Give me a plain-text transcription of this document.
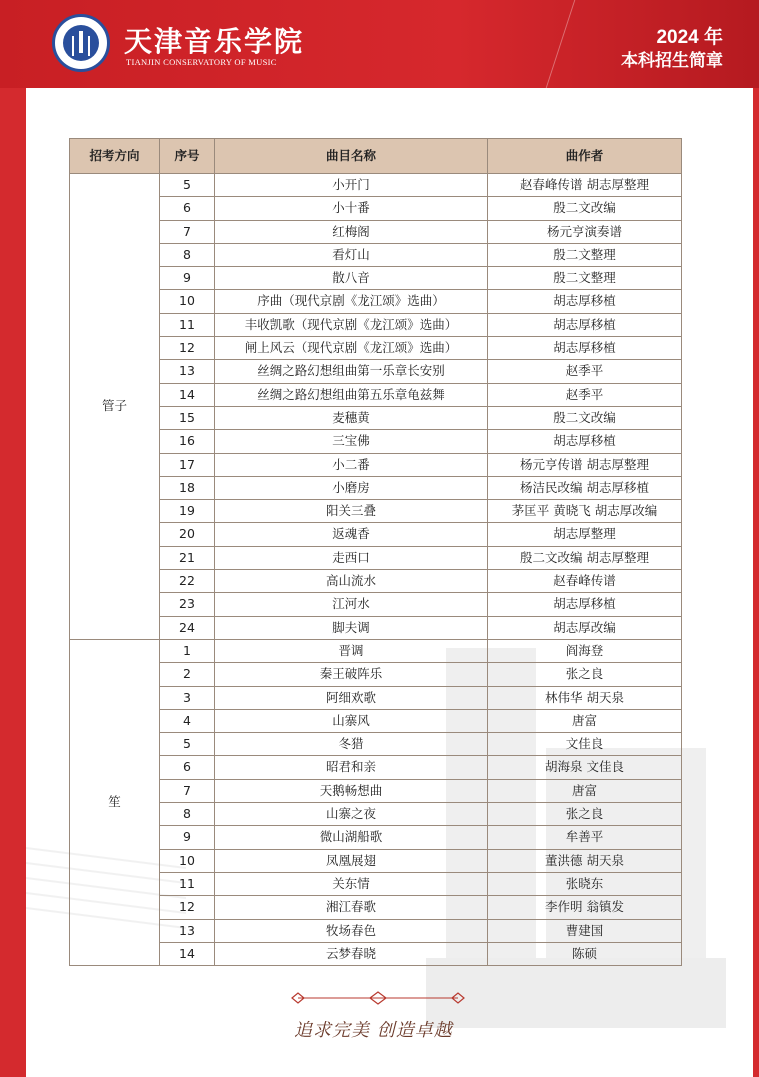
天津音乐学院
TIANJIN CONSERVATORY OF MUSIC
2024 年
本科招生简章
招考方向	序号	曲目名称	曲作者
管子	5	小开门	赵春峰传谱 胡志厚整理
	6	小十番	殷二文改编
	7	红梅阁	杨元亨演奏谱
	8	看灯山	殷二文整理
	9	散八音	殷二文整理
	10	序曲（现代京剧《龙江颂》选曲）	胡志厚移植
	11	丰收凯歌（现代京剧《龙江颂》选曲）	胡志厚移植
	12	闸上风云（现代京剧《龙江颂》选曲）	胡志厚移植
	13	丝绸之路幻想组曲第一乐章长安别	赵季平
	14	丝绸之路幻想组曲第五乐章龟兹舞	赵季平
	15	麦穗黄	殷二文改编
	16	三宝佛	胡志厚移植
	17	小二番	杨元亨传谱 胡志厚整理
	18	小磨房	杨洁民改编 胡志厚移植
	19	阳关三叠	茅匡平 黄晓飞 胡志厚改编
	20	返魂香	胡志厚整理
	21	走西口	殷二文改编 胡志厚整理
	22	高山流水	赵春峰传谱
	23	江河水	胡志厚移植
	24	脚夫调	胡志厚改编
笙	1	晋调	阎海登
	2	秦王破阵乐	张之良
	3	阿细欢歌	林伟华 胡天泉
	4	山寨风	唐富
	5	冬猎	文佳良
	6	昭君和亲	胡海泉 文佳良
	7	天鹅畅想曲	唐富
	8	山寨之夜	张之良
	9	微山湖船歌	牟善平
	10	凤凰展翅	董洪德 胡天泉
	11	关东情	张晓东
	12	湘江春歌	李作明 翁镇发
	13	牧场春色	曹建国
	14	云梦春晓	陈硕
追求完美 创造卓越
